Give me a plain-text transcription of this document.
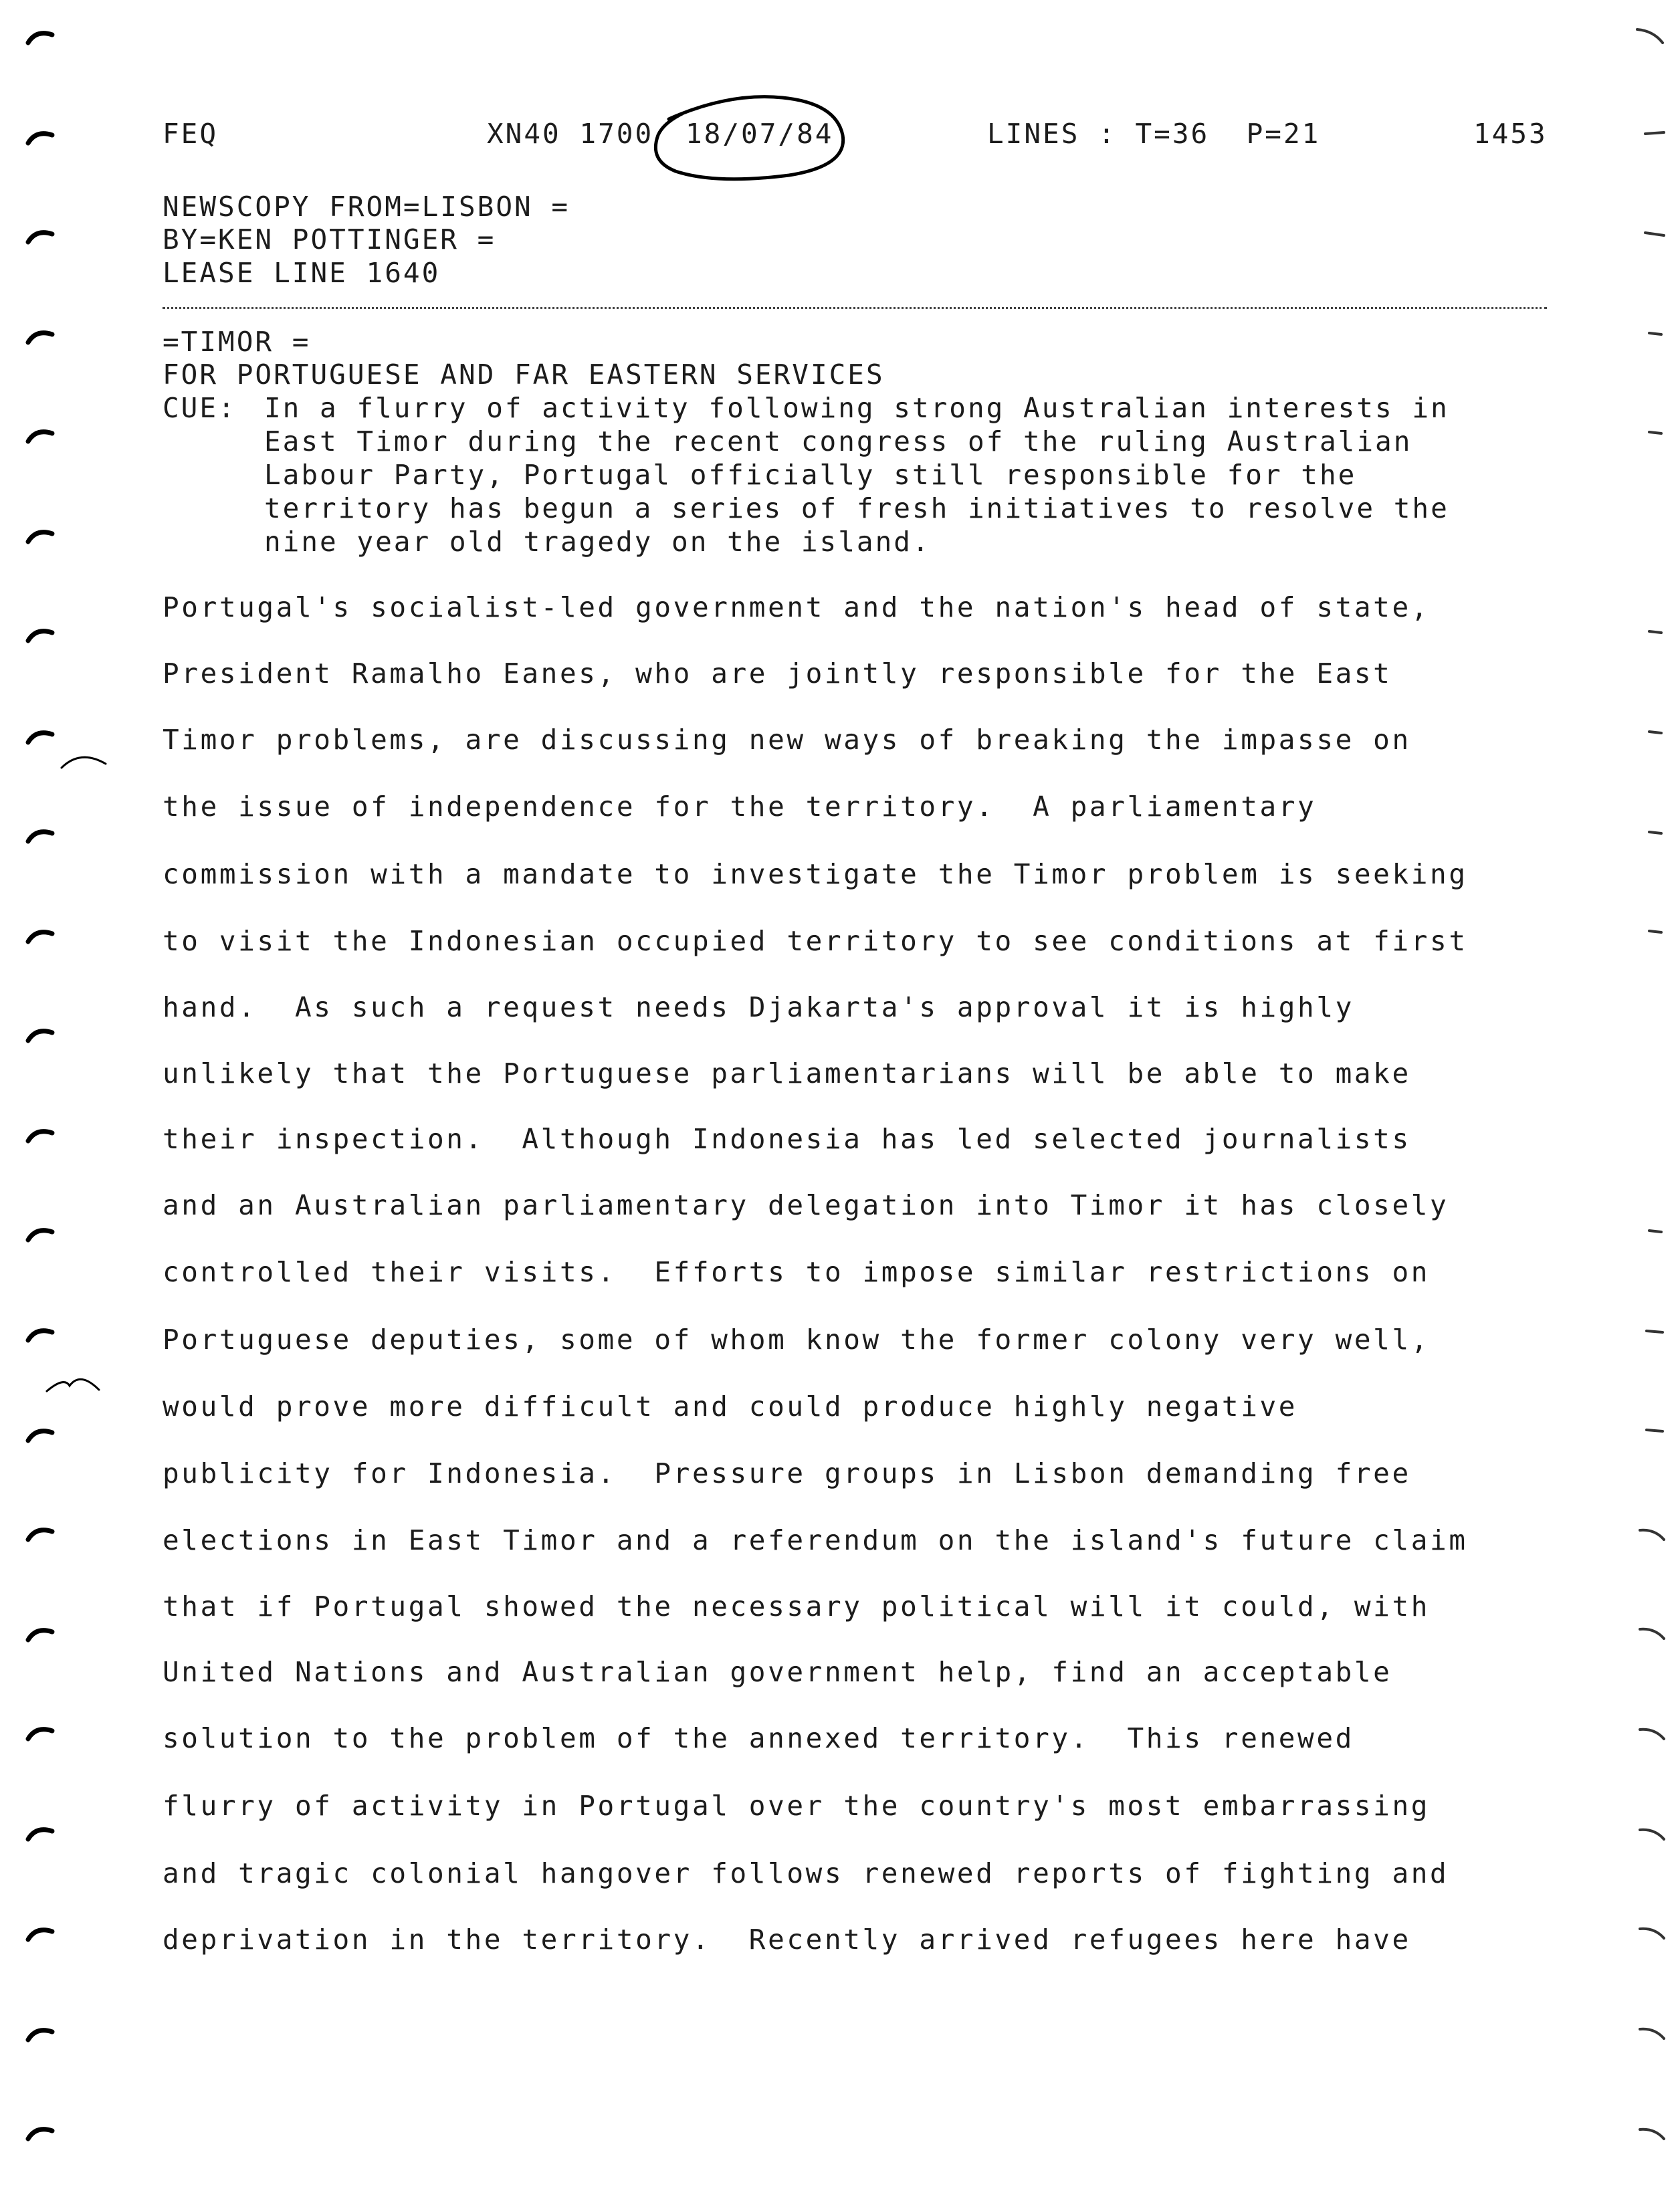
FEQ	XN40 1700 18/07/84	LINES : T=36  P=21	1453
NEWSCOPY FROM=LISBON =
BY=KEN POTTINGER =
LEASE LINE 1640
=TIMOR =
FOR PORTUGUESE AND FAR EASTERN SERVICES
CUE: In a flurry of activity following strong Australian interests in
East Timor during the recent congress of the ruling Australian
Labour Party, Portugal officially still responsible for the
territory has begun a series of fresh initiatives to resolve the
nine year old tragedy on the island.
Portugal's socialist-led government and the nation's head of state,
President Ramalho Eanes, who are jointly responsible for the East
Timor problems, are discussing new ways of breaking the impasse on
the issue of independence for the territory.  A parliamentary
commission with a mandate to investigate the Timor problem is seeking
to visit the Indonesian occupied territory to see conditions at first
hand.  As such a request needs Djakarta's approval it is highly
unlikely that the Portuguese parliamentarians will be able to make
their inspection.  Although Indonesia has led selected journalists
and an Australian parliamentary delegation into Timor it has closely
controlled their visits.  Efforts to impose similar restrictions on
Portuguese deputies, some of whom know the former colony very well,
would prove more difficult and could produce highly negative
publicity for Indonesia.  Pressure groups in Lisbon demanding free
elections in East Timor and a referendum on the island's future claim
that if Portugal showed the necessary political will it could, with
United Nations and Australian government help, find an acceptable
solution to the problem of the annexed territory.  This renewed
flurry of activity in Portugal over the country's most embarrassing
and tragic colonial hangover follows renewed reports of fighting and
deprivation in the territory.  Recently arrived refugees here have
